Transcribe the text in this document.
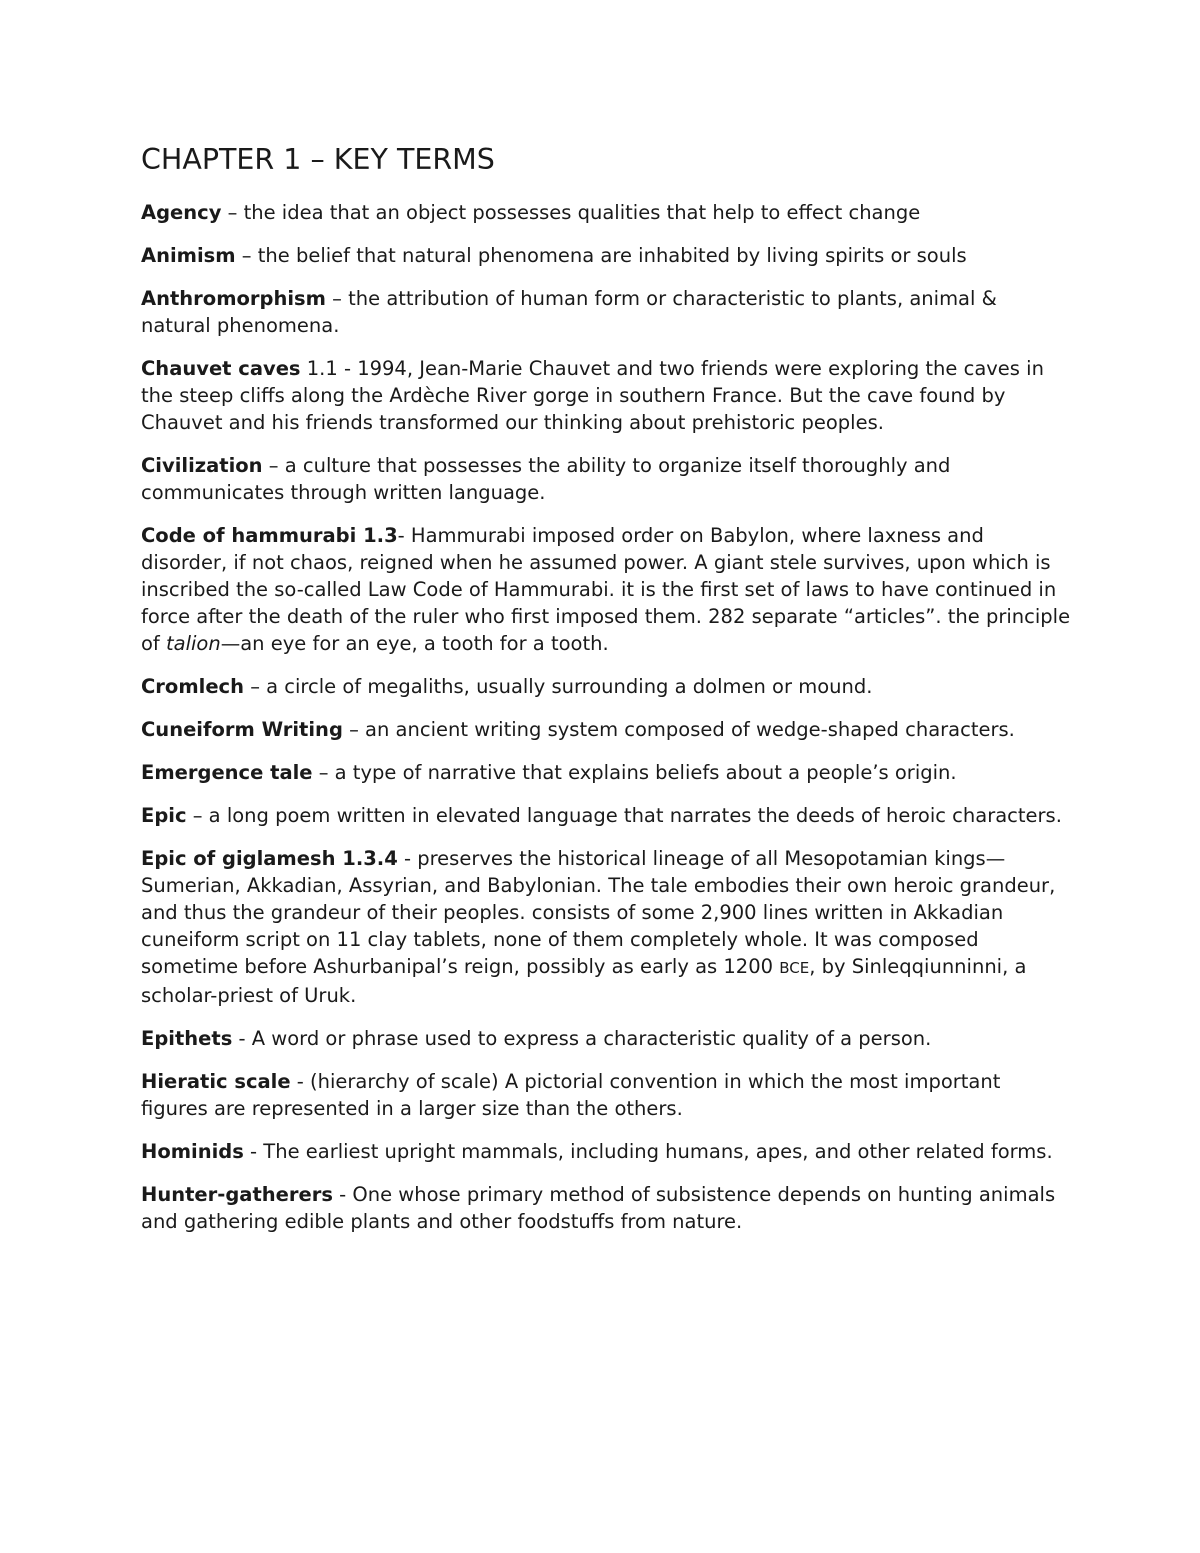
CHAPTER 1 – KEY TERMS

Agency – the idea that an object possesses qualities that help to effect change

Animism – the belief that natural phenomena are inhabited by living spirits or souls

Anthromorphism – the attribution of human form or characteristic to plants, animal & natural phenomena.

Chauvet caves 1.1 - 1994, Jean-Marie Chauvet and two friends were exploring the caves in the steep cliffs along the Ardèche River gorge in southern France. But the cave found by Chauvet and his friends transformed our thinking about prehistoric peoples.

Civilization – a culture that possesses the ability to organize itself thoroughly and communicates through written language.

Code of hammurabi 1.3- Hammurabi imposed order on Babylon, where laxness and disorder, if not chaos, reigned when he assumed power. A giant stele survives, upon which is inscribed the so-called Law Code of Hammurabi. it is the first set of laws to have continued in force after the death of the ruler who first imposed them. 282 separate “articles”. the principle of talion—an eye for an eye, a tooth for a tooth.

Cromlech – a circle of megaliths, usually surrounding a dolmen or mound.

Cuneiform Writing – an ancient writing system composed of wedge-shaped characters.

Emergence tale – a type of narrative that explains beliefs about a people’s origin.

Epic – a long poem written in elevated language that narrates the deeds of heroic characters.

Epic of giglamesh 1.3.4 - preserves the historical lineage of all Mesopotamian kings—Sumerian, Akkadian, Assyrian, and Babylonian. The tale embodies their own heroic grandeur, and thus the grandeur of their peoples. consists of some 2,900 lines written in Akkadian cuneiform script on 11 clay tablets, none of them completely whole. It was composed sometime before Ashurbanipal’s reign, possibly as early as 1200 BCE, by Sinleqqiunninni, a scholar-priest of Uruk.

Epithets - A word or phrase used to express a characteristic quality of a person.

Hieratic scale - (hierarchy of scale) A pictorial convention in which the most important figures are represented in a larger size than the others.

Hominids - The earliest upright mammals, including humans, apes, and other related forms.

Hunter-gatherers - One whose primary method of subsistence depends on hunting animals and gathering edible plants and other foodstuffs from nature.
